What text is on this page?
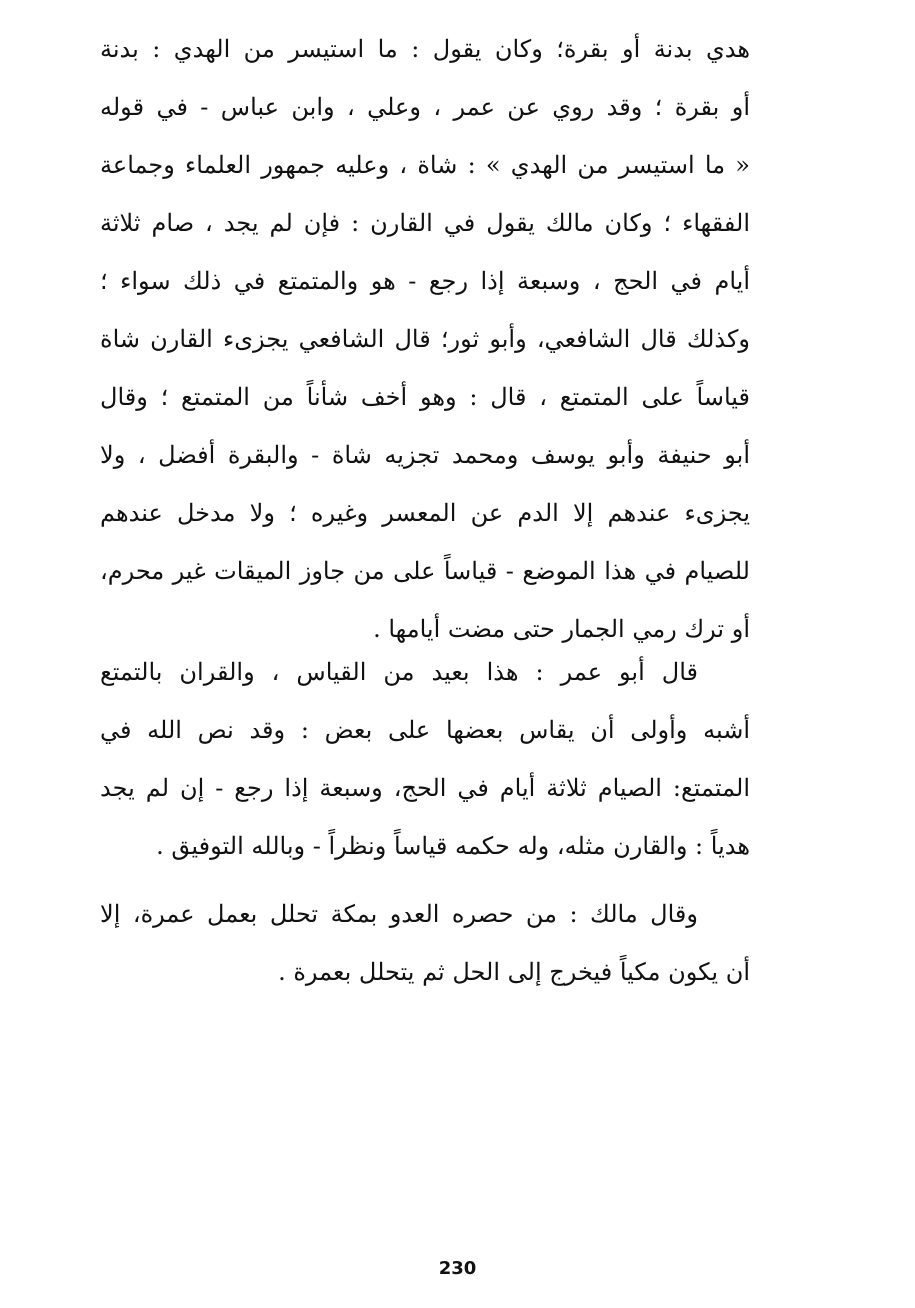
هدي بدنة أو بقرة؛ وكان يقول : ما استيسر من الهدي : بدنة
أو بقرة ؛ وقد روي عن عمر ، وعلي ، وابن عباس - في قوله
« ما استيسر من الهدي » : شاة ، وعليه جمهور العلماء وجماعة
الفقهاء ؛ وكان مالك يقول في القارن : فإن لم يجد ، صام ثلاثة
أيام في الحج ، وسبعة إذا رجع - هو والمتمتع في ذلك سواء ؛
وكذلك قال الشافعي، وأبو ثور؛ قال الشافعي يجزىء القارن شاة
قياساً على المتمتع ، قال : وهو أخف شأناً من المتمتع ؛ وقال
أبو حنيفة وأبو يوسف ومحمد تجزيه شاة - والبقرة أفضل ، ولا
يجزىء عندهم إلا الدم عن المعسر وغيره ؛ ولا مدخل عندهم
للصيام في هذا الموضع - قياساً على من جاوز الميقات غير محرم،
أو ترك رمي الجمار حتى مضت أيامها .
قال أبو عمر : هذا بعيد من القياس ، والقران بالتمتع
أشبه وأولى أن يقاس بعضها على بعض : وقد نص الله في
المتمتع: الصيام ثلاثة أيام في الحج، وسبعة إذا رجع - إن لم يجد
هدياً : والقارن مثله، وله حكمه قياساً ونظراً - وبالله التوفيق .
وقال مالك : من حصره العدو بمكة تحلل بعمل عمرة، إلا
أن يكون مكياً فيخرج إلى الحل ثم يتحلل بعمرة .
230
